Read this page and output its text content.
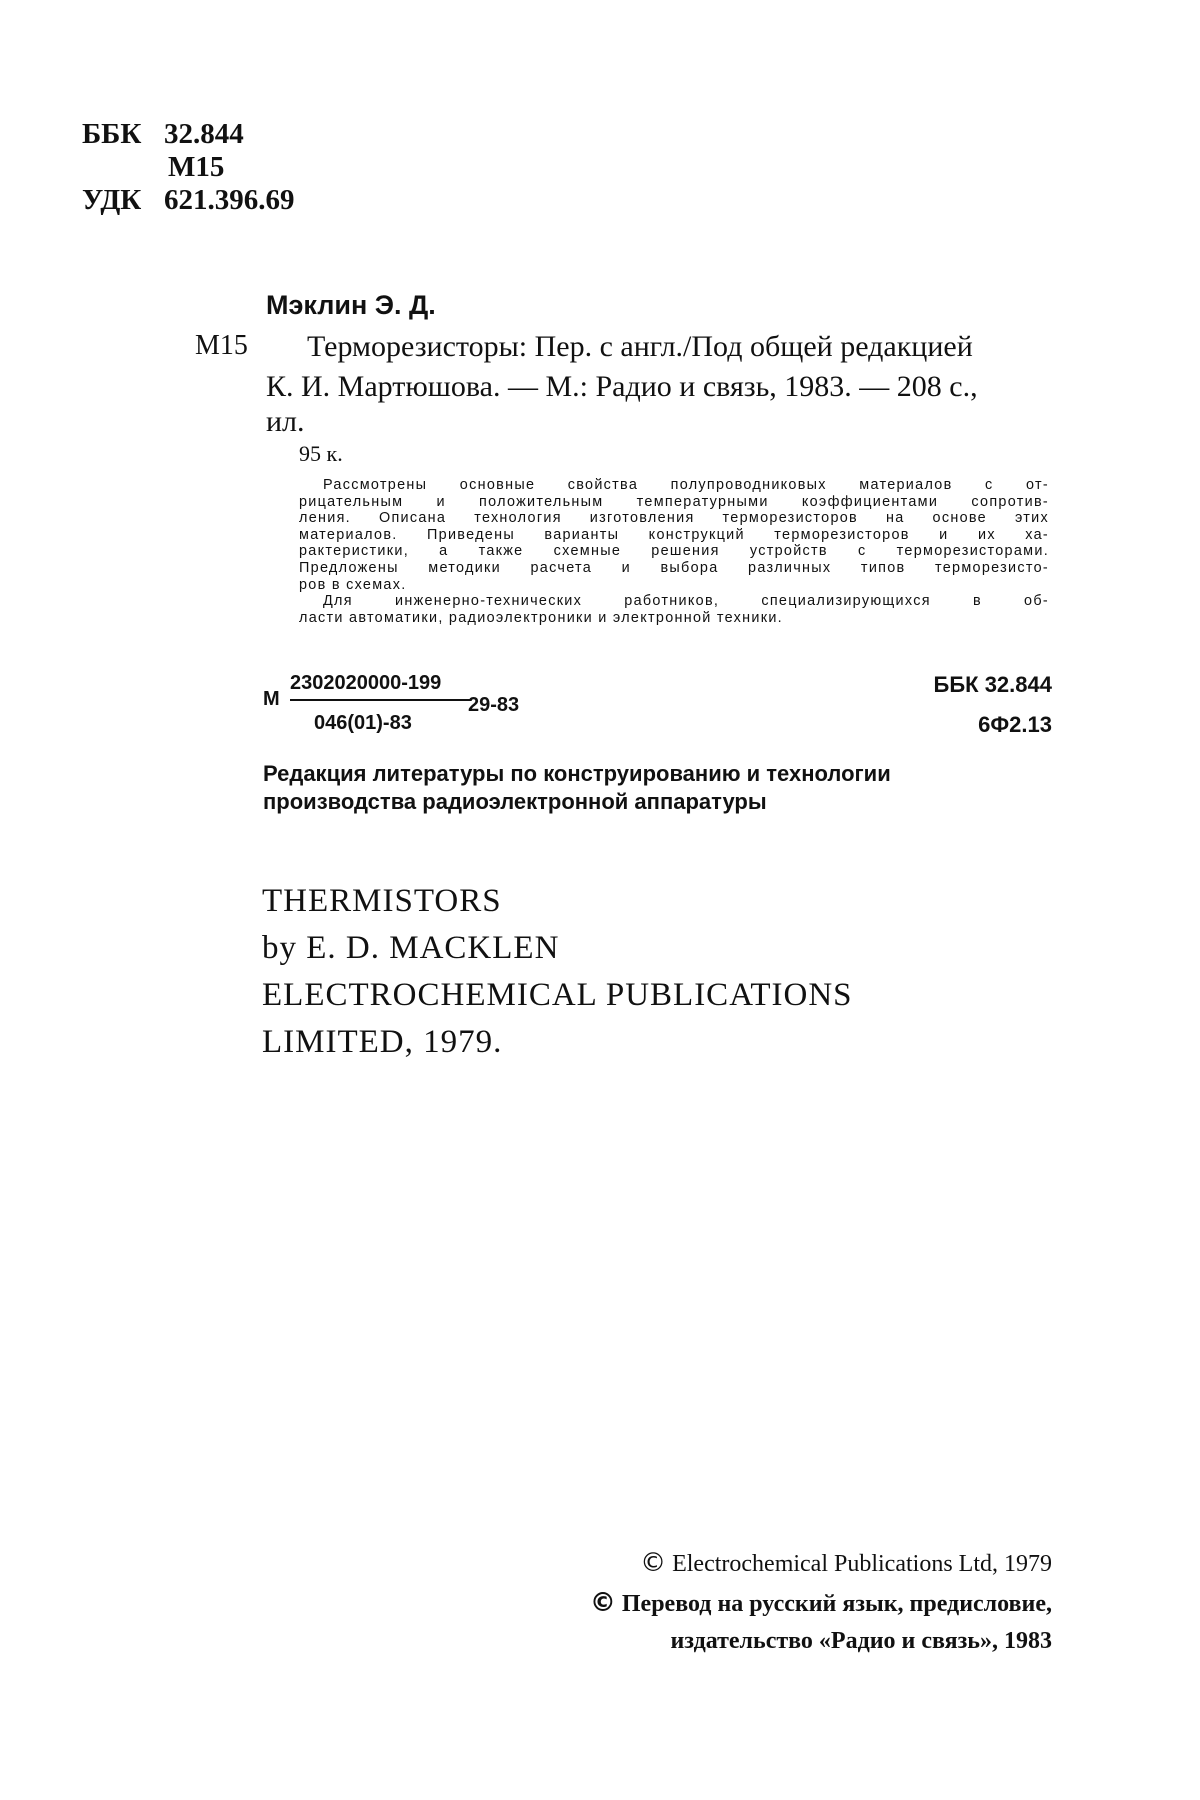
ББК 32.844
М15
УДК 621.396.69
Мэклин Э. Д.
М15 Терморезисторы: Пер. с англ./Под общей редакцией
К. И. Мартюшова. — М.: Радио и связь, 1983. — 208 с.,
ил.
95 к.
Рассмотрены основные свойства полупроводниковых материалов с от-
рицательным и положительным температурными коэффициентами сопротив-
ления. Описана технология изготовления терморезисторов на основе этих
материалов. Приведены варианты конструкций терморезисторов и их ха-
рактеристики, а также схемные решения устройств с терморезисторами.
Предложены методики расчета и выбора различных типов терморезисто-
ров в схемах.
Для инженерно-технических работников, специализирующихся в об-
ласти автоматики, радиоэлектроники и электронной техники.
М
2302020000-199
046(01)-83
29-83
ББК 32.844
6Ф2.13
Редакция литературы по конструированию и технологии
производства радиоэлектронной аппаратуры
THERMISTORS
by E. D. MACKLEN
ELECTROCHEMICAL PUBLICATIONS
LIMITED, 1979.
© Electrochemical Publications Ltd, 1979
© Перевод на русский язык, предисловие,
издательство «Радио и связь», 1983
